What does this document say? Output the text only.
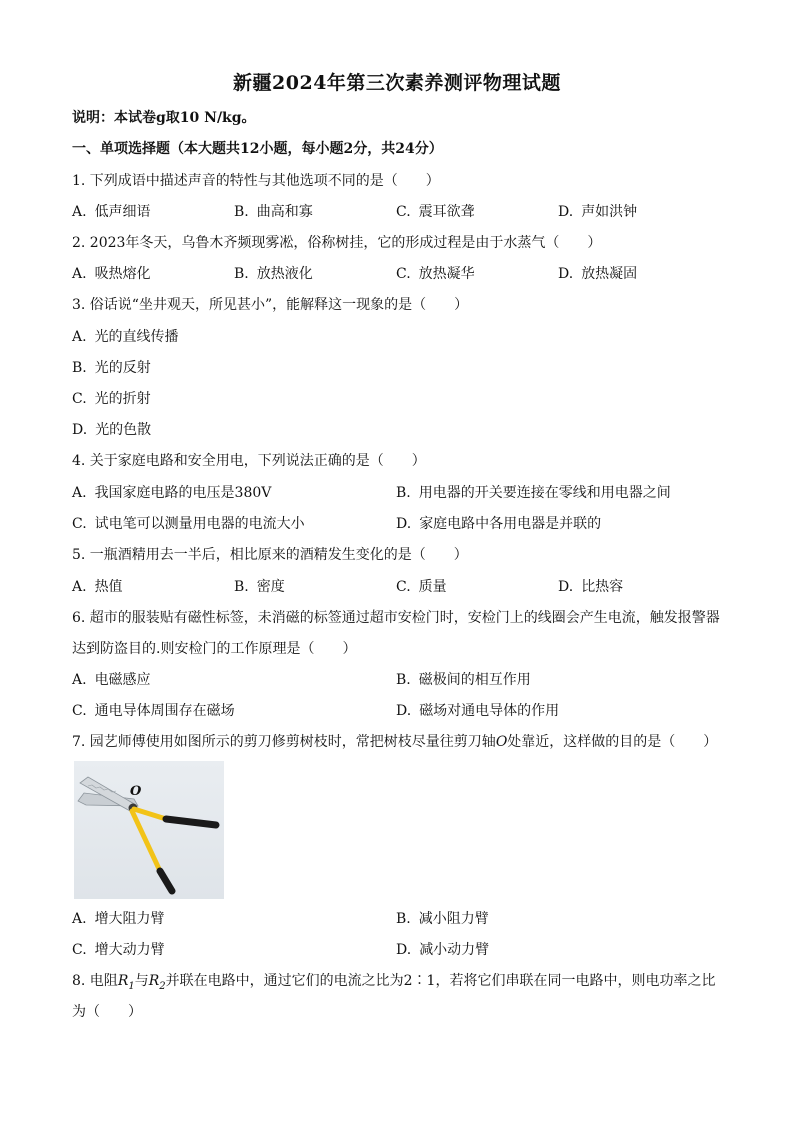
新疆2024年第三次素养测评物理试题
说明：本试卷g取10 N/kg。
一、单项选择题（本大题共12小题，每小题2分，共24分）
1. 下列成语中描述声音的特性与其他选项不同的是（　　）
A. 低声细语	B. 曲高和寡	C. 震耳欲聋	D. 声如洪钟
2. 2023年冬天，乌鲁木齐频现雾凇，俗称树挂，它的形成过程是由于水蒸气（　　）
A. 吸热熔化	B. 放热液化	C. 放热凝华	D. 放热凝固
3. 俗话说“坐井观天，所见甚小”，能解释这一现象的是（　　）
A. 光的直线传播
B. 光的反射
C. 光的折射
D. 光的色散
4. 关于家庭电路和安全用电，下列说法正确的是（　　）
A. 我国家庭电路的电压是380V	B. 用电器的开关要连接在零线和用电器之间
C. 试电笔可以测量用电器的电流大小	D. 家庭电路中各用电器是并联的
5. 一瓶酒精用去一半后，相比原来的酒精发生变化的是（　　）
A. 热值	B. 密度	C. 质量	D. 比热容
6. 超市的服装贴有磁性标签，未消磁的标签通过超市安检门时，安检门上的线圈会产生电流，触发报警器
达到防盗目的.则安检门的工作原理是（　　）
A. 电磁感应	B. 磁极间的相互作用
C. 通电导体周围存在磁场	D. 磁场对通电导体的作用
7. 园艺师傅使用如图所示的剪刀修剪树枝时，常把树枝尽量往剪刀轴O处靠近，这样做的目的是（　　）
O
A. 增大阻力臂	B. 减小阻力臂
C. 增大动力臂	D. 减小动力臂
8. 电阻$R_1$与$R_2$并联在电路中，通过它们的电流之比为2∶1，若将它们串联在同一电路中，则电功率之比
为（　　）
